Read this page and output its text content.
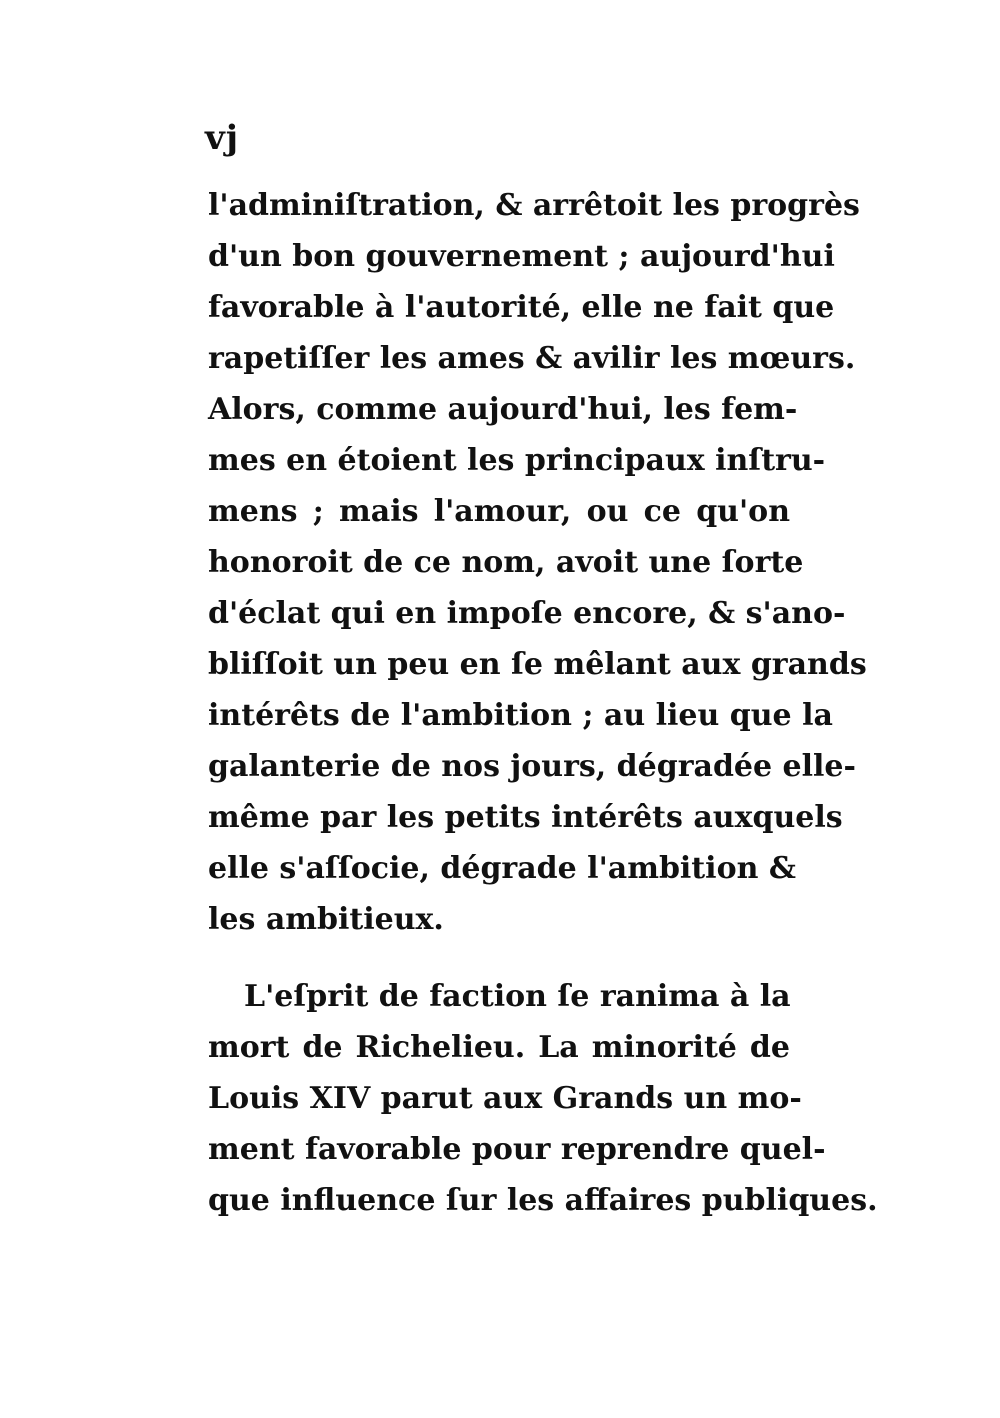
vj
l'adminiſtration, & arrêtoit les progrès
d'un bon gouvernement ; aujourd'hui
favorable à l'autorité, elle ne fait que
rapetiſſer les ames & avilir les mœurs.
Alors, comme aujourd'hui, les fem-
mes en étoient les principaux inſtru-
mens ; mais l'amour, ou ce qu'on
honoroit de ce nom, avoit une ſorte
d'éclat qui en impoſe encore, & s'ano-
bliſſoit un peu en ſe mêlant aux grands
intérêts de l'ambition ; au lieu que la
galanterie de nos jours, dégradée elle-
même par les petits intérêts auxquels
elle s'aſſocie, dégrade l'ambition &
les ambitieux.
L'eſprit de faction ſe ranima à la
mort de Richelieu. La minorité de
Louis XIV parut aux Grands un mo-
ment favorable pour reprendre quel-
que influence ſur les affaires publiques.
